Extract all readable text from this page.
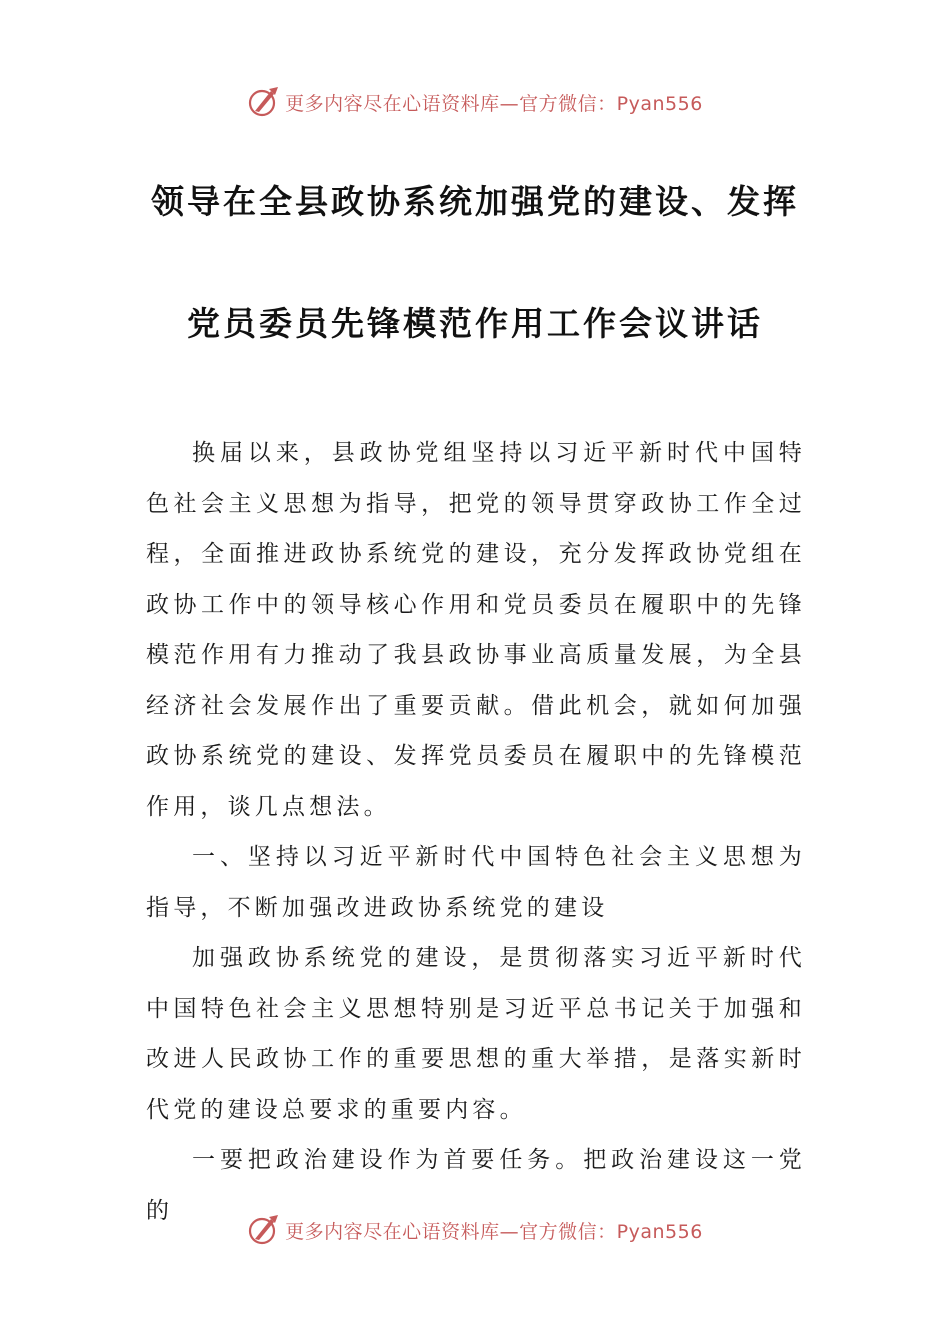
更多内容尽在心语资料库—官方微信：Pyan556
领导在全县政协系统加强党的建设、发挥
党员委员先锋模范作用工作会议讲话

换届以来，县政协党组坚持以习近平新时代中国特色社会主义思想为指导，把党的领导贯穿政协工作全过程，全面推进政协系统党的建设，充分发挥政协党组在政协工作中的领导核心作用和党员委员在履职中的先锋模范作用有力推动了我县政协事业高质量发展，为全县经济社会发展作出了重要贡献。借此机会，就如何加强政协系统党的建设、发挥党员委员在履职中的先锋模范作用，谈几点想法。

一、坚持以习近平新时代中国特色社会主义思想为指导，不断加强改进政协系统党的建设

加强政协系统党的建设，是贯彻落实习近平新时代中国特色社会主义思想特别是习近平总书记关于加强和改进人民政协工作的重要思想的重大举措，是落实新时代党的建设总要求的重要内容。

一要把政治建设作为首要任务。把政治建设这一党的

更多内容尽在心语资料库—官方微信：Pyan556
